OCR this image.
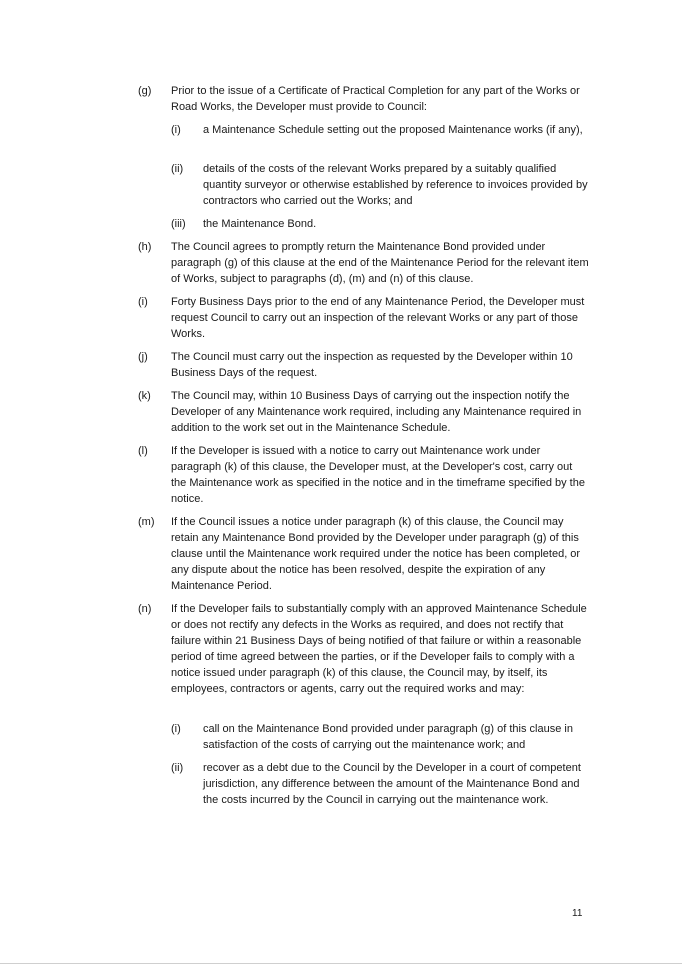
(g) Prior to the issue of a Certificate of Practical Completion for any part of the Works or Road Works, the Developer must provide to Council:
(i) a Maintenance Schedule setting out the proposed Maintenance works (if any),
(ii) details of the costs of the relevant Works prepared by a suitably qualified quantity surveyor or otherwise established by reference to invoices provided by contractors who carried out the Works; and
(iii) the Maintenance Bond.
(h) The Council agrees to promptly return the Maintenance Bond provided under paragraph (g) of this clause at the end of the Maintenance Period for the relevant item of Works, subject to paragraphs (d), (m) and (n) of this clause.
(i) Forty Business Days prior to the end of any Maintenance Period, the Developer must request Council to carry out an inspection of the relevant Works or any part of those Works.
(j) The Council must carry out the inspection as requested by the Developer within 10 Business Days of the request.
(k) The Council may, within 10 Business Days of carrying out the inspection notify the Developer of any Maintenance work required, including any Maintenance required in addition to the work set out in the Maintenance Schedule.
(l) If the Developer is issued with a notice to carry out Maintenance work under paragraph (k) of this clause, the Developer must, at the Developer's cost, carry out the Maintenance work as specified in the notice and in the timeframe specified by the notice.
(m) If the Council issues a notice under paragraph (k) of this clause, the Council may retain any Maintenance Bond provided by the Developer under paragraph (g) of this clause until the Maintenance work required under the notice has been completed, or any dispute about the notice has been resolved, despite the expiration of any Maintenance Period.
(n) If the Developer fails to substantially comply with an approved Maintenance Schedule or does not rectify any defects in the Works as required, and does not rectify that failure within 21 Business Days of being notified of that failure or within a reasonable period of time agreed between the parties, or if the Developer fails to comply with a notice issued under paragraph (k) of this clause, the Council may, by itself, its employees, contractors or agents, carry out the required works and may:
(i) call on the Maintenance Bond provided under paragraph (g) of this clause in satisfaction of the costs of carrying out the maintenance work; and
(ii) recover as a debt due to the Council by the Developer in a court of competent jurisdiction, any difference between the amount of the Maintenance Bond and the costs incurred by the Council in carrying out the maintenance work.
11
